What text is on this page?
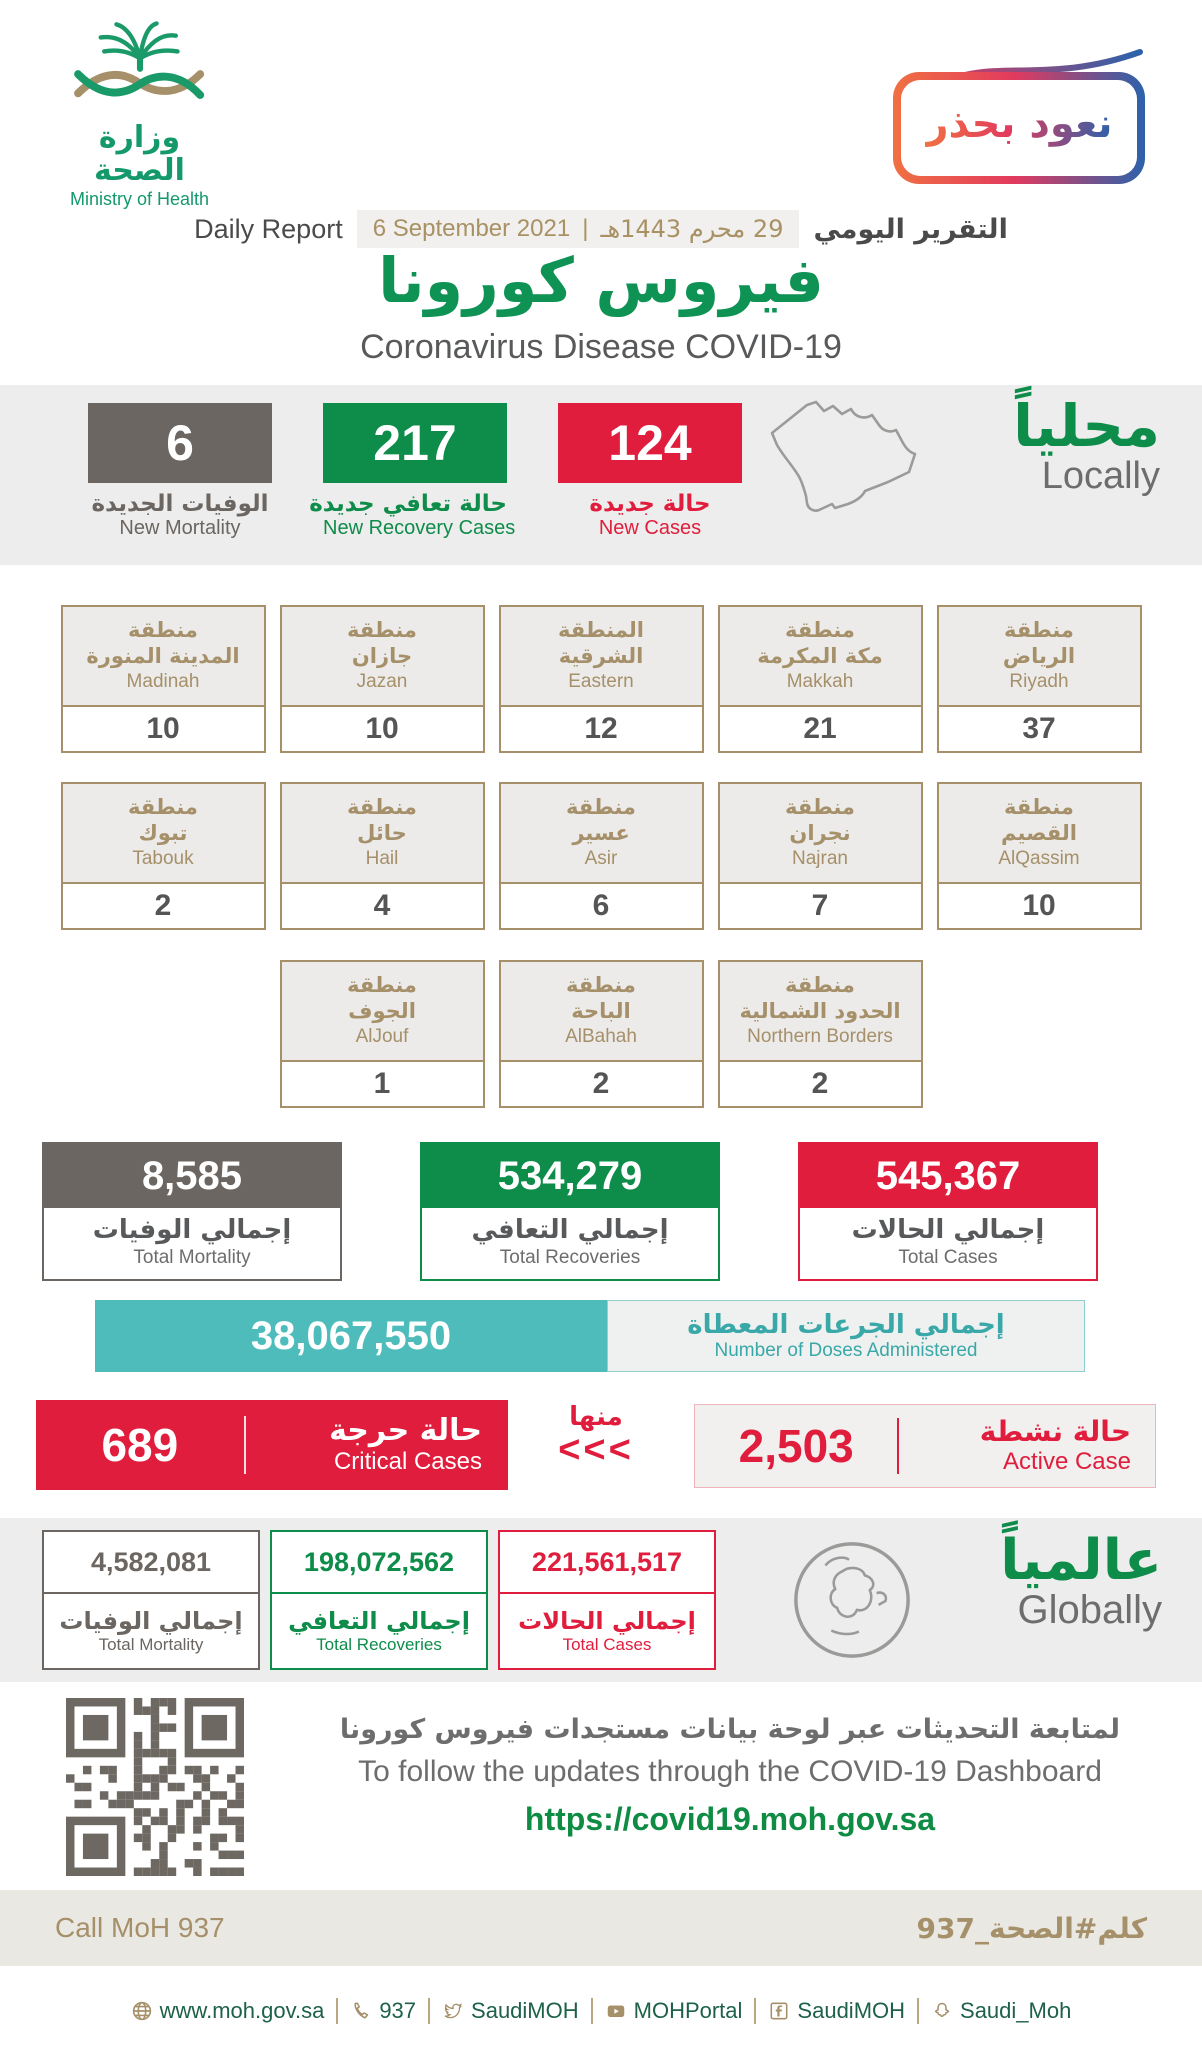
وزارة الصحة
Ministry of Health
نعود بحذر
Daily Report 6 September 2021 | 29 محرم 1443هـ التقرير اليومي
فيروس كورونا
Coronavirus Disease COVID-19
6
الوفيات الجديدة
New Mortality
217
حالة تعافي جديدة
New Recovery Cases
124
حالة جديدة
New Cases
محلياً
Locally
منطقة
المدينة المنورة
Madinah
10
منطقة
جازان
Jazan
10
المنطقة
الشرقية
Eastern
12
منطقة
مكة المكرمة
Makkah
21
منطقة
الرياض
Riyadh
37
منطقة
تبوك
Tabouk
2
منطقة
حائل
Hail
4
منطقة
عسير
Asir
6
منطقة
نجران
Najran
7
منطقة
القصيم
AlQassim
10
منطقة
الجوف
AlJouf
1
منطقة
الباحة
AlBahah
2
منطقة
الحدود الشمالية
Northern Borders
2
8,585
إجمالي الوفيات
Total Mortality
534,279
إجمالي التعافي
Total Recoveries
545,367
إجمالي الحالات
Total Cases
38,067,550	إجمالي الجرعات المعطاة
Number of Doses Administered
689	حالة حرجة
Critical Cases
منها
<<<	2,503	حالة نشطة
Active Case
4,582,081
إجمالي الوفيات
Total Mortality
198,072,562
إجمالي التعافي
Total Recoveries
221,561,517
إجمالي الحالات
Total Cases
عالمياً
Globally
لمتابعة التحديثات عبر لوحة بيانات مستجدات فيروس كورونا
To follow the updates through the COVID-19 Dashboard
https://covid19.moh.gov.sa
Call MoH 937	كلم#الصحة_937
www.moh.gov.sa	937	SaudiMOH	MOHPortal	SaudiMOH	Saudi_Moh
